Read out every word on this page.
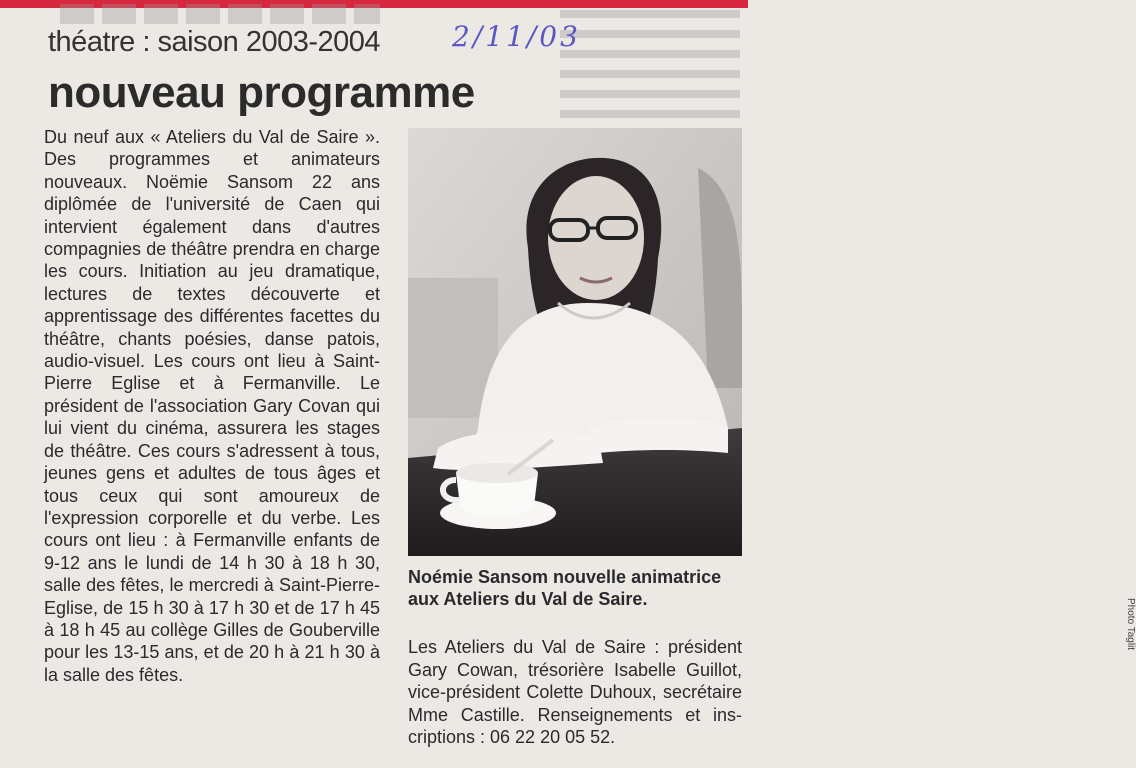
théatre : saison 2003-2004	2/11/03
nouveau programme

Du neuf aux « Ateliers du Val de Saire ». Des programmes et animateurs nouveaux. Noëmie Sansom 22 ans diplômée de l'université de Caen qui intervient également dans d'autres compagnies de théâtre prendra en charge les cours. Initiation au jeu dramatique, lectures de textes découverte et apprentissage des différentes facettes du théâtre, chants poésies, danse patois, audio-visuel. Les cours ont lieu à Saint-Pierre Eglise et à Fermanville. Le président de l'association Gary Covan qui lui vient du cinéma, assurera les stages de théâtre. Ces cours s'adressent à tous, jeunes gens et adultes de tous âges et tous ceux qui sont amoureux de l'expression corporelle et du verbe. Les cours ont lieu : à Fermanville enfants de 9-12 ans le lundi de 14 h 30 à 18 h 30, salle des fêtes, le mercredi à Saint-Pierre-Eglise, de 15 h 30 à 17 h 30 et de 17 h 45 à 18 h 45 au collège Gilles de Gouberville pour les 13-15 ans, et de 20 h à 21 h 30 à la salle des fêtes.

Photo Taglit

Noémie Sansom nouvelle animatrice aux Ateliers du Val de Saire.

Les Ateliers du Val de Saire : président Gary Cowan, trésorière Isabelle Guillot, vice-président Colette Duhoux, secrétaire Mme Castille. Renseignements et inscriptions : 06 22 20 05 52.
